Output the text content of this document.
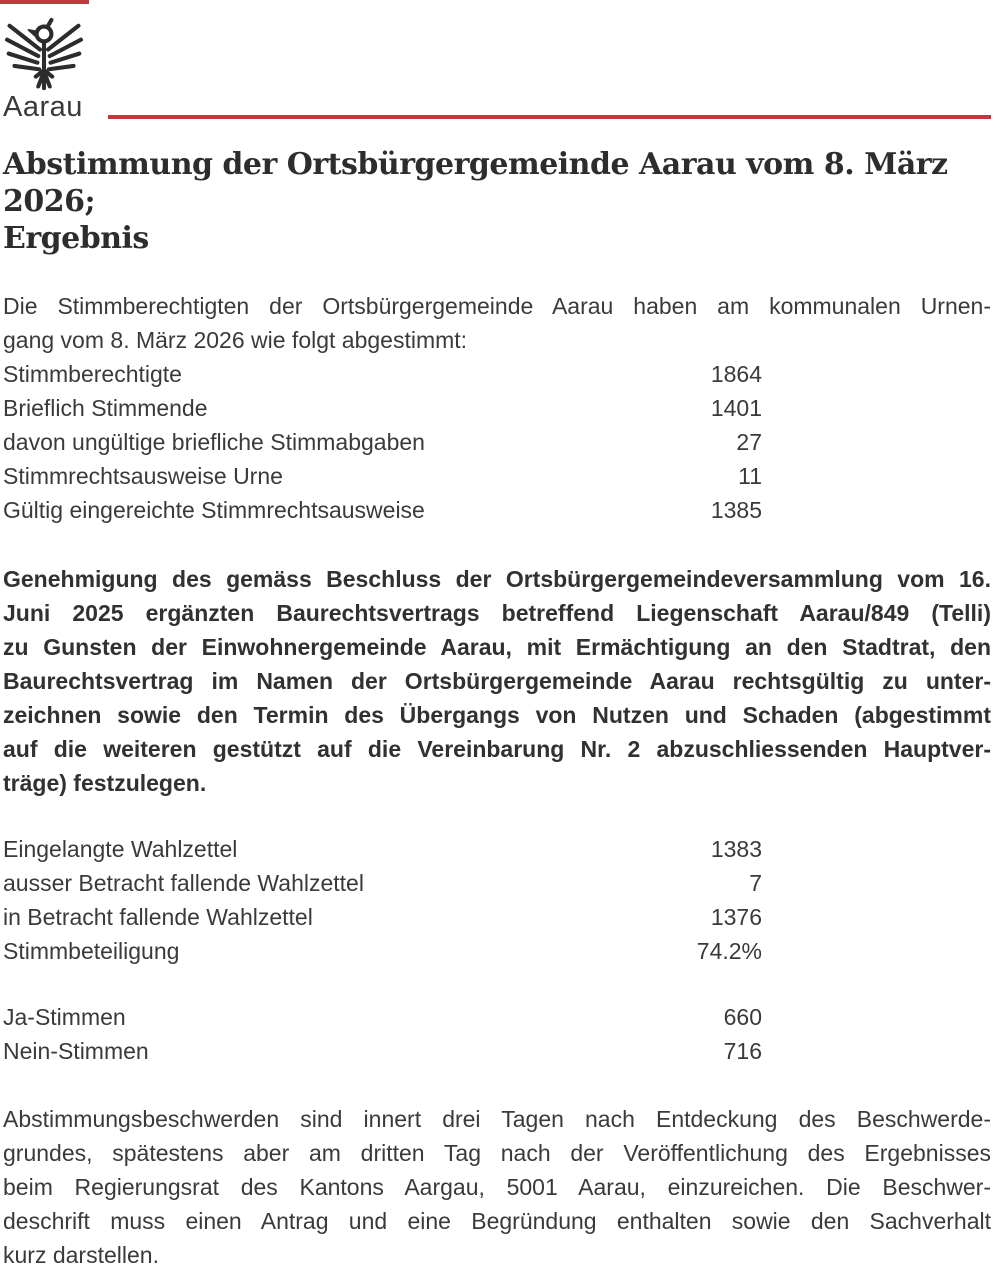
Aarau
Abstimmung der Ortsbürgergemeinde Aarau vom 8. März 2026;
Ergebnis
Die Stimmberechtigten der Ortsbürgergemeinde Aarau haben am kommunalen Urnen-
gang vom 8. März 2026 wie folgt abgestimmt:
Stimmberechtigte	1864
Brieflich Stimmende	1401
davon ungültige briefliche Stimmabgaben	27
Stimmrechtsausweise Urne	11
Gültig eingereichte Stimmrechtsausweise	1385
Genehmigung des gemäss Beschluss der Ortsbürgergemeindeversammlung vom 16.
Juni 2025 ergänzten Baurechtsvertrags betreffend Liegenschaft Aarau/849 (Telli)
zu Gunsten der Einwohnergemeinde Aarau, mit Ermächtigung an den Stadtrat, den
Baurechtsvertrag im Namen der Ortsbürgergemeinde Aarau rechtsgültig zu unter-
zeichnen sowie den Termin des Übergangs von Nutzen und Schaden (abgestimmt
auf die weiteren gestützt auf die Vereinbarung Nr. 2 abzuschliessenden Hauptver-
träge) festzulegen.
Eingelangte Wahlzettel	1383
ausser Betracht fallende Wahlzettel	7
in Betracht fallende Wahlzettel	1376
Stimmbeteiligung	74.2%
Ja-Stimmen	660
Nein-Stimmen	716
Abstimmungsbeschwerden sind innert drei Tagen nach Entdeckung des Beschwerde-
grundes, spätestens aber am dritten Tag nach der Veröffentlichung des Ergebnisses
beim Regierungsrat des Kantons Aargau, 5001 Aarau, einzureichen. Die Beschwer-
deschrift muss einen Antrag und eine Begründung enthalten sowie den Sachverhalt
kurz darstellen.
